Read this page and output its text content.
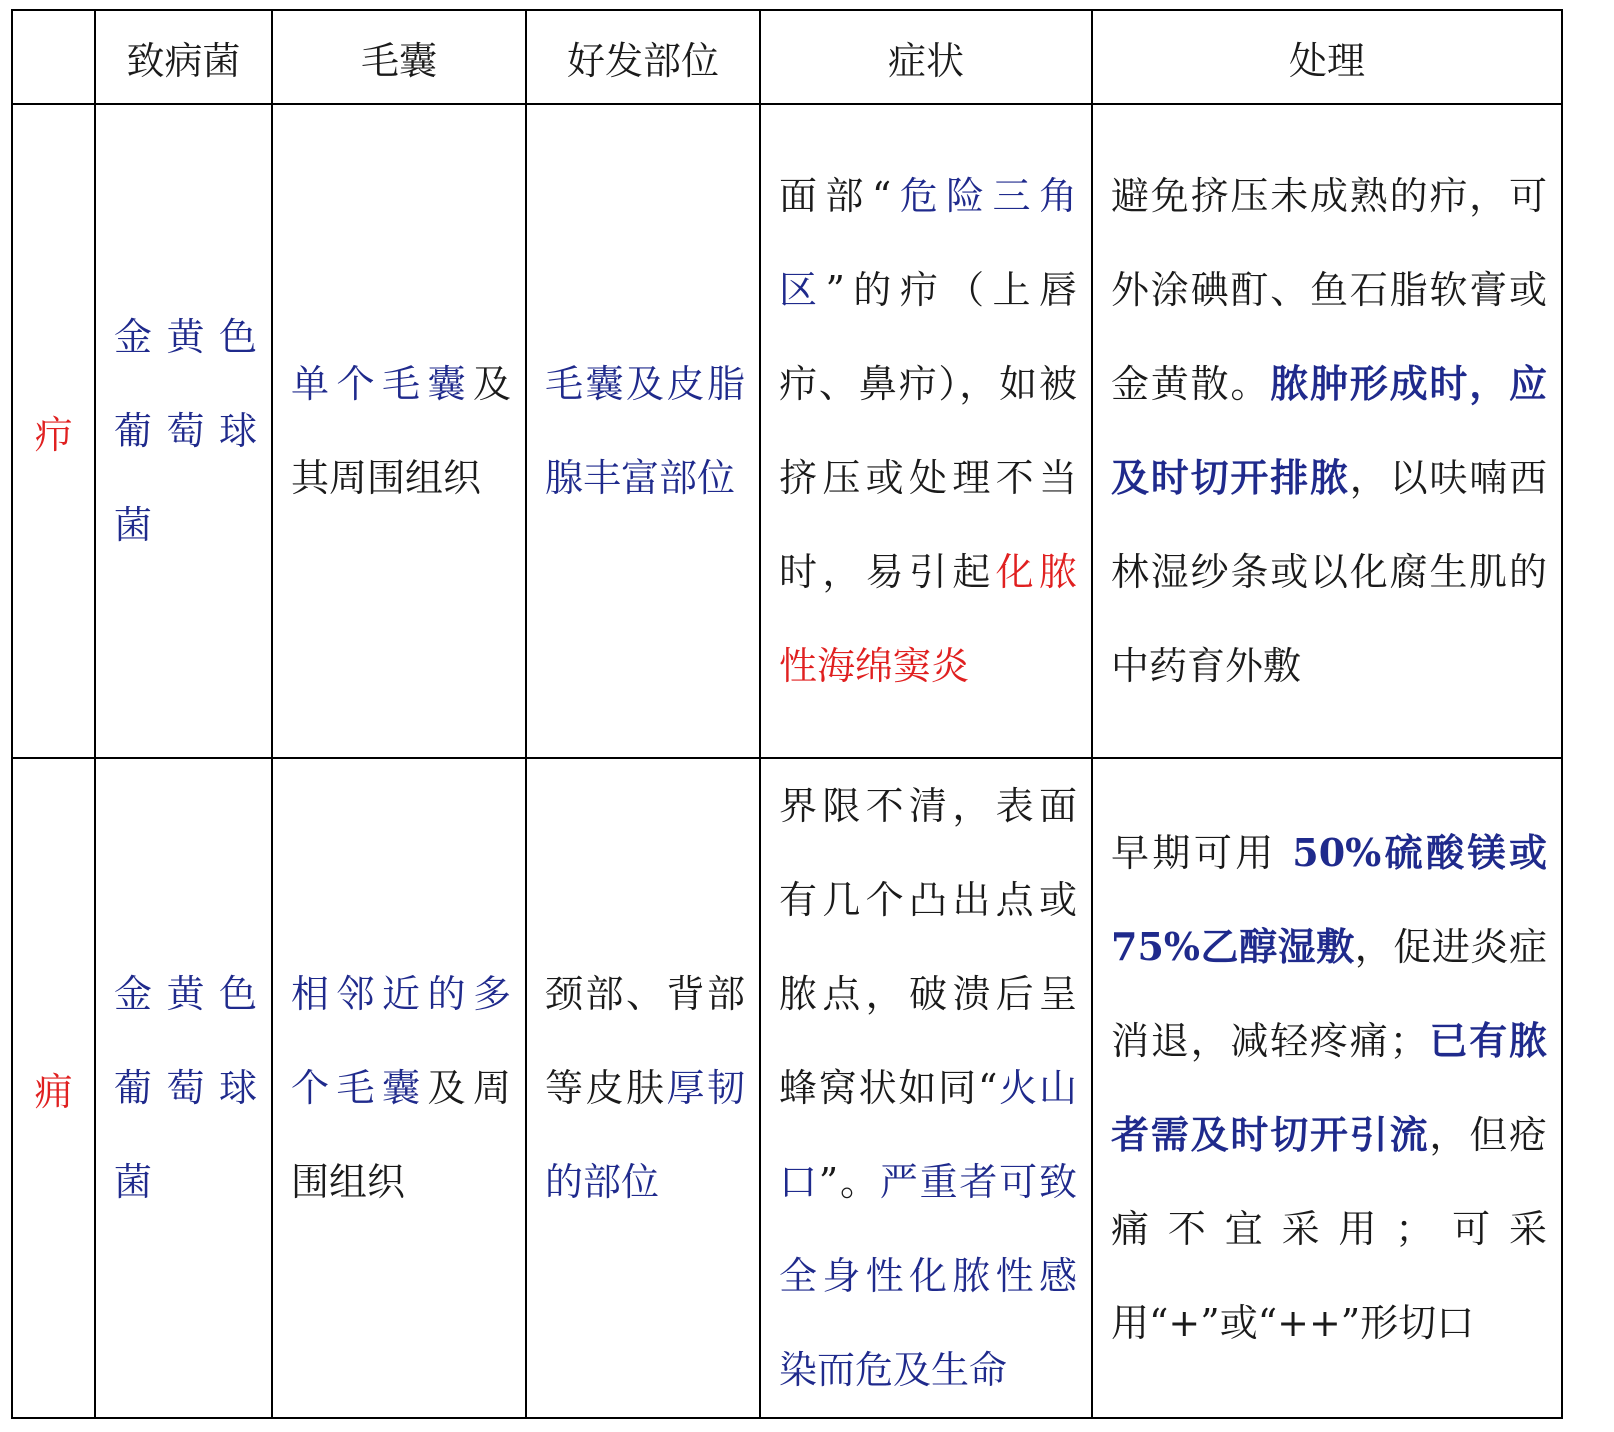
	致病菌	毛囊	好发部位	症状	处理
疖	金黄色葡萄球菌	单个毛囊及其周围组织	毛囊及皮脂腺丰富部位	面部“危险三角区”的疖（上唇疖、鼻疖），如被挤压或处理不当时，易引起化脓性海绵窦炎	避免挤压未成熟的疖，可外涂碘酊、鱼石脂软膏或金黄散。脓肿形成时，应及时切开排脓，以呋喃西林湿纱条或以化腐生肌的中药育外敷

痈	金黄色葡萄球菌	相邻近的多个毛囊及周围组织	颈部、背部等皮肤厚韧的部位	界限不清，表面有几个凸出点或脓点，破溃后呈蜂窝状如同“火山口”。严重者可致全身性化脓性感染而危及生命	早期可用 50%硫酸镁或75%乙醇湿敷，促进炎症消退，减轻疼痛；已有脓者需及时切开引流，但疮痛不宜采用；可采用“+”或“++”形切口
